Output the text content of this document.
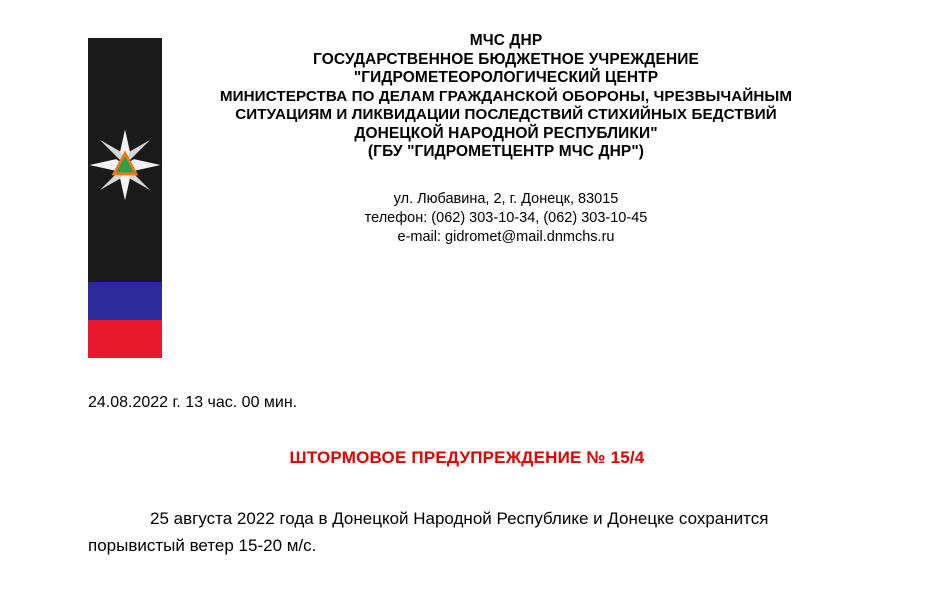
МЧС ДНР
ГОСУДАРСТВЕННОЕ БЮДЖЕТНОЕ УЧРЕЖДЕНИЕ
"ГИДРОМЕТЕОРОЛОГИЧЕСКИЙ ЦЕНТР
МИНИСТЕРСТВА ПО ДЕЛАМ ГРАЖДАНСКОЙ ОБОРОНЫ, ЧРЕЗВЫЧАЙНЫМ
СИТУАЦИЯМ И ЛИКВИДАЦИИ ПОСЛЕДСТВИЙ СТИХИЙНЫХ БЕДСТВИЙ
ДОНЕЦКОЙ НАРОДНОЙ РЕСПУБЛИКИ"
(ГБУ "ГИДРОМЕТЦЕНТР МЧС ДНР")
ул. Любавина, 2, г. Донецк, 83015
телефон: (062) 303-10-34, (062) 303-10-45
e-mail: gidromet@mail.dnmchs.ru
24.08.2022 г. 13 час. 00 мин.
ШТОРМОВОЕ ПРЕДУПРЕЖДЕНИЕ № 15/4
25 августа 2022 года в Донецкой Народной Республике и Донецке сохранится порывистый ветер 15-20 м/с.
